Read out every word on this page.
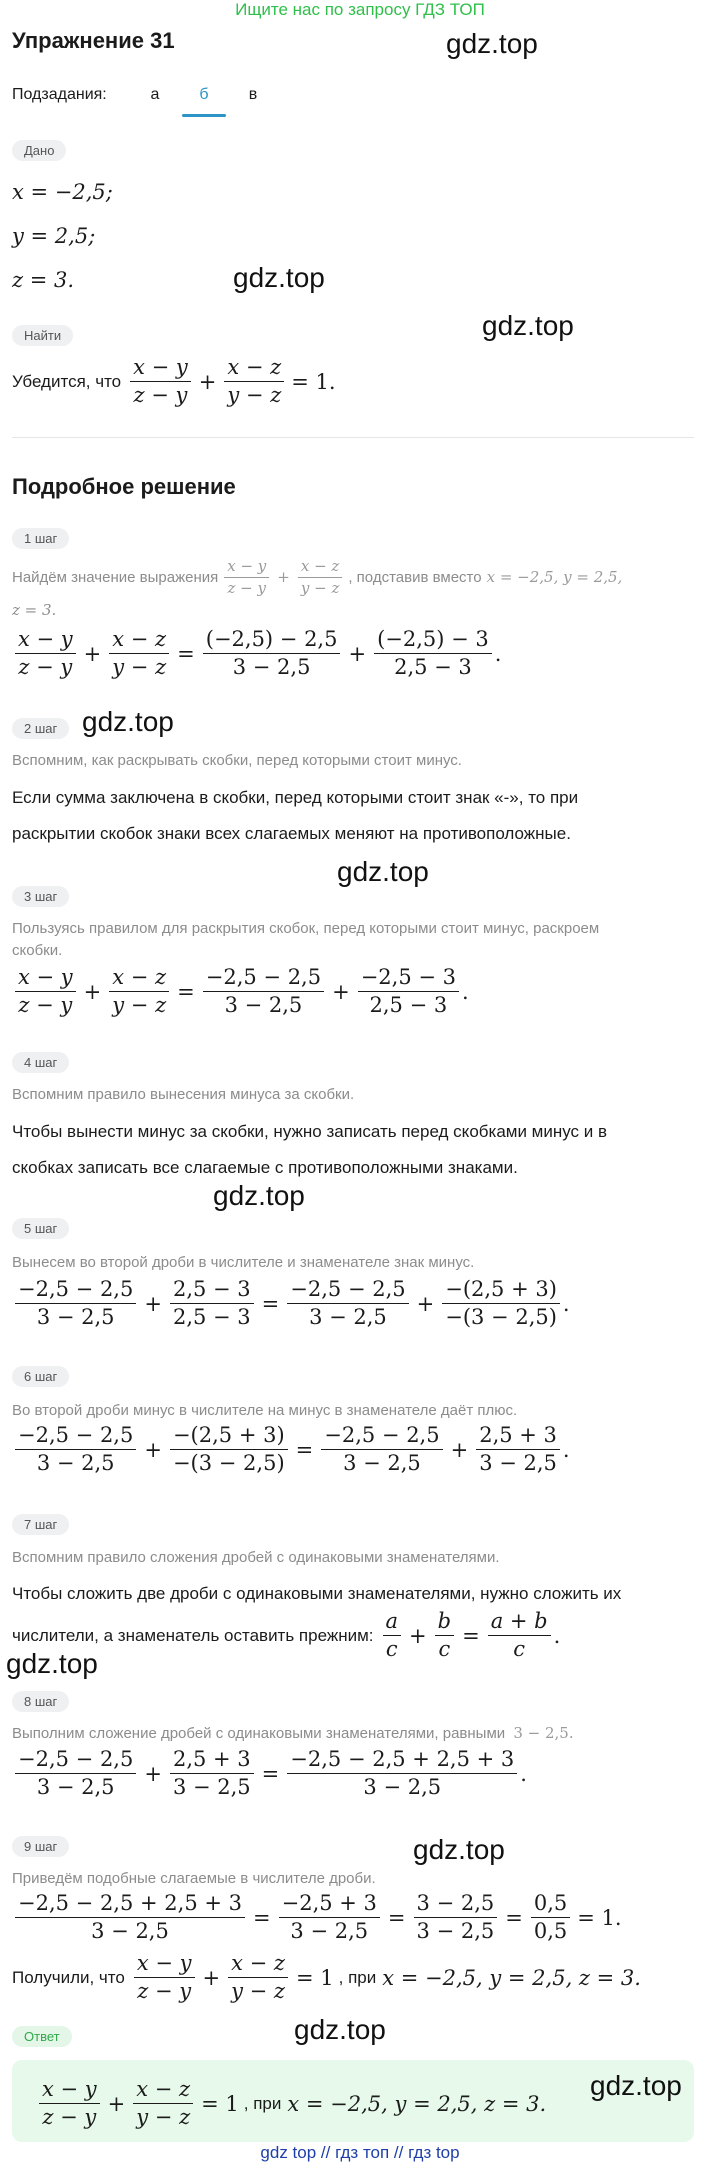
Ищите нас по запросу ГДЗ ТОП
Упражнение 31	gdz.top
Подзадания:	а	б	в
Дано
x = −2,5;
y = 2,5;
z = 3.	gdz.top
gdz.top
Найти
Убедится, что $\frac{x - y}{z - y} + \frac{x - z}{y - z} = 1$.
Подробное решение
1 шаг
Найдём значение выражения $\frac{x - y}{z - y} + \frac{x - z}{y - z}$ , подставив вместо x = −2,5, y = 2,5,
z = 3.
$\frac{x - y}{z - y} + \frac{x - z}{y - z} = \frac{(-2,5) - 2,5}{3 - 2,5} + \frac{(-2,5) - 3}{2,5 - 3}$ .
2 шаг gdz.top
Вспомним, как раскрывать скобки, перед которыми стоит минус.
Если сумма заключена в скобки, перед которыми стоит знак «-», то при
раскрытии скобок знаки всех слагаемых меняют на противоположные.
gdz.top
3 шаг
Пользуясь правилом для раскрытия скобок, перед которыми стоит минус, раскроем
скобки.
$\frac{x - y}{z - y} + \frac{x - z}{y - z} = \frac{-2,5 - 2,5}{3 - 2,5} + \frac{-2,5 - 3}{2,5 - 3}$ .
4 шаг
Вспомним правило вынесения минуса за скобки.
Чтобы вынести минус за скобки, нужно записать перед скобками минус и в
скобках записать все слагаемые с противоположными знаками.
gdz.top
5 шаг
Вынесем во второй дроби в числителе и знаменателе знак минус.
$\frac{-2,5 - 2,5}{3 - 2,5} + \frac{2,5 - 3}{2,5 - 3} = \frac{-2,5 - 2,5}{3 - 2,5} + \frac{-(2,5 + 3)}{-(3 - 2,5)}$ .
6 шаг
Во второй дроби минус в числителе на минус в знаменателе даёт плюс.
$\frac{-2,5 - 2,5}{3 - 2,5} + \frac{-(2,5 + 3)}{-(3 - 2,5)} = \frac{-2,5 - 2,5}{3 - 2,5} + \frac{2,5 + 3}{3 - 2,5}$ .
7 шаг
Вспомним правило сложения дробей с одинаковыми знаменателями.
Чтобы сложить две дроби с одинаковыми знаменателями, нужно сложить их
числители, а знаменатель оставить прежним: $\frac{a}{c} + \frac{b}{c} = \frac{a + b}{c}$ .
gdz.top
8 шаг
Выполним сложение дробей с одинаковыми знаменателями, равными 3 − 2,5.
$\frac{-2,5 - 2,5}{3 - 2,5} + \frac{2,5 + 3}{3 - 2,5} = \frac{-2,5 - 2,5 + 2,5 + 3}{3 - 2,5}$ .
9 шаг	gdz.top
Приведём подобные слагаемые в числителе дроби.
$\frac{-2,5 - 2,5 + 2,5 + 3}{3 - 2,5} = \frac{-2,5 + 3}{3 - 2,5} = \frac{3 - 2,5}{3 - 2,5} = \frac{0,5}{0,5} = 1$.
Получили, что $\frac{x - y}{z - y} + \frac{x - z}{y - z} = 1$ , при x = −2,5, y = 2,5, z = 3.
Ответ	gdz.top
$\frac{x - y}{z - y} + \frac{x - z}{y - z} = 1$ , при x = −2,5, y = 2,5, z = 3.
gdz.top
gdz top // гдз топ // гдз top
